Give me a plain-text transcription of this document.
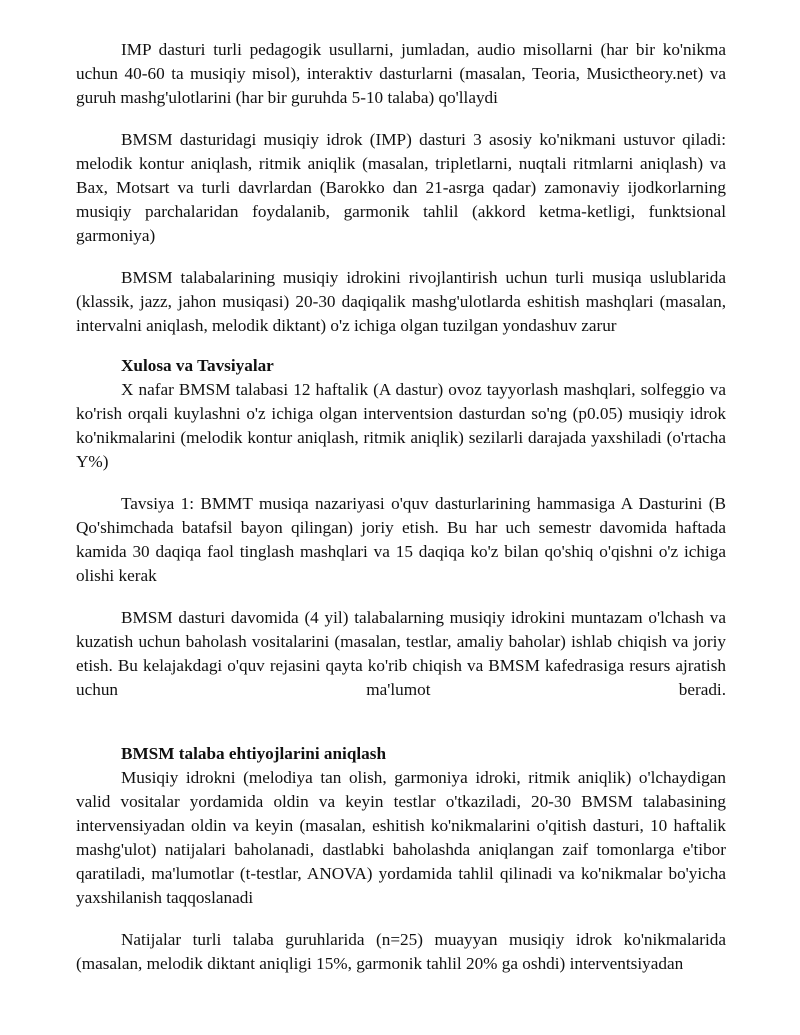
IMP dasturi turli pedagogik usullarni, jumladan, audio misollarni (har bir ko'nikma uchun 40-60 ta musiqiy misol), interaktiv dasturlarni (masalan, Teoria, Musictheory.net) va guruh mashg'ulotlarini (har bir guruhda 5-10 talaba) qo'llaydi

BMSM dasturidagi musiqiy idrok (IMP) dasturi 3 asosiy ko'nikmani ustuvor qiladi: melodik kontur aniqlash, ritmik aniqlik (masalan, tripletlarni, nuqtali ritmlarni aniqlash) va Bax, Motsart va turli davrlardan (Barokko dan 21-asrga qadar) zamonaviy ijodkorlarning musiqiy parchalaridan foydalanib, garmonik tahlil (akkord ketma-ketligi, funktsional garmoniya)

BMSM talabalarining musiqiy idrokini rivojlantirish uchun turli musiqa uslublarida (klassik, jazz, jahon musiqasi) 20-30 daqiqalik mashg'ulotlarda eshitish mashqlari (masalan, intervalni aniqlash, melodik diktant) o'z ichiga olgan tuzilgan yondashuv zarur

Xulosa va Tavsiyalar

X nafar BMSM talabasi 12 haftalik (A dastur) ovoz tayyorlash mashqlari, solfeggio va ko'rish orqali kuylashni o'z ichiga olgan interventsion dasturdan so'ng (p0.05) musiqiy idrok ko'nikmalarini (melodik kontur aniqlash, ritmik aniqlik) sezilarli darajada yaxshiladi (o'rtacha Y%)

Tavsiya 1: BMMT musiqa nazariyasi o'quv dasturlarining hammasiga A Dasturini (B Qo'shimchada batafsil bayon qilingan) joriy etish. Bu har uch semestr davomida haftada kamida 30 daqiqa faol tinglash mashqlari va 15 daqiqa ko'z bilan qo'shiq o'qishni o'z ichiga olishi kerak

BMSM dasturi davomida (4 yil) talabalarning musiqiy idrokini muntazam o'lchash va kuzatish uchun baholash vositalarini (masalan, testlar, amaliy baholar) ishlab chiqish va joriy etish. Bu kelajakdagi o'quv rejasini qayta ko'rib chiqish va BMSM kafedrasiga resurs ajratish uchun ma'lumot beradi.

BMSM talaba ehtiyojlarini aniqlash

Musiqiy idrokni (melodiya tan olish, garmoniya idroki, ritmik aniqlik) o'lchaydigan valid vositalar yordamida oldin va keyin testlar o'tkaziladi, 20-30 BMSM talabasining intervensiyadan oldin va keyin (masalan, eshitish ko'nikmalarini o'qitish dasturi, 10 haftalik mashg'ulot) natijalari baholanadi, dastlabki baholashda aniqlangan zaif tomonlarga e'tibor qaratiladi, ma'lumotlar (t-testlar, ANOVA) yordamida tahlil qilinadi va ko'nikmalar bo'yicha yaxshilanish taqqoslanadi

Natijalar turli talaba guruhlarida (n=25) muayyan musiqiy idrok ko'nikmalarida (masalan, melodik diktant aniqligi 15%, garmonik tahlil 20% ga oshdi) interventsiyadan
